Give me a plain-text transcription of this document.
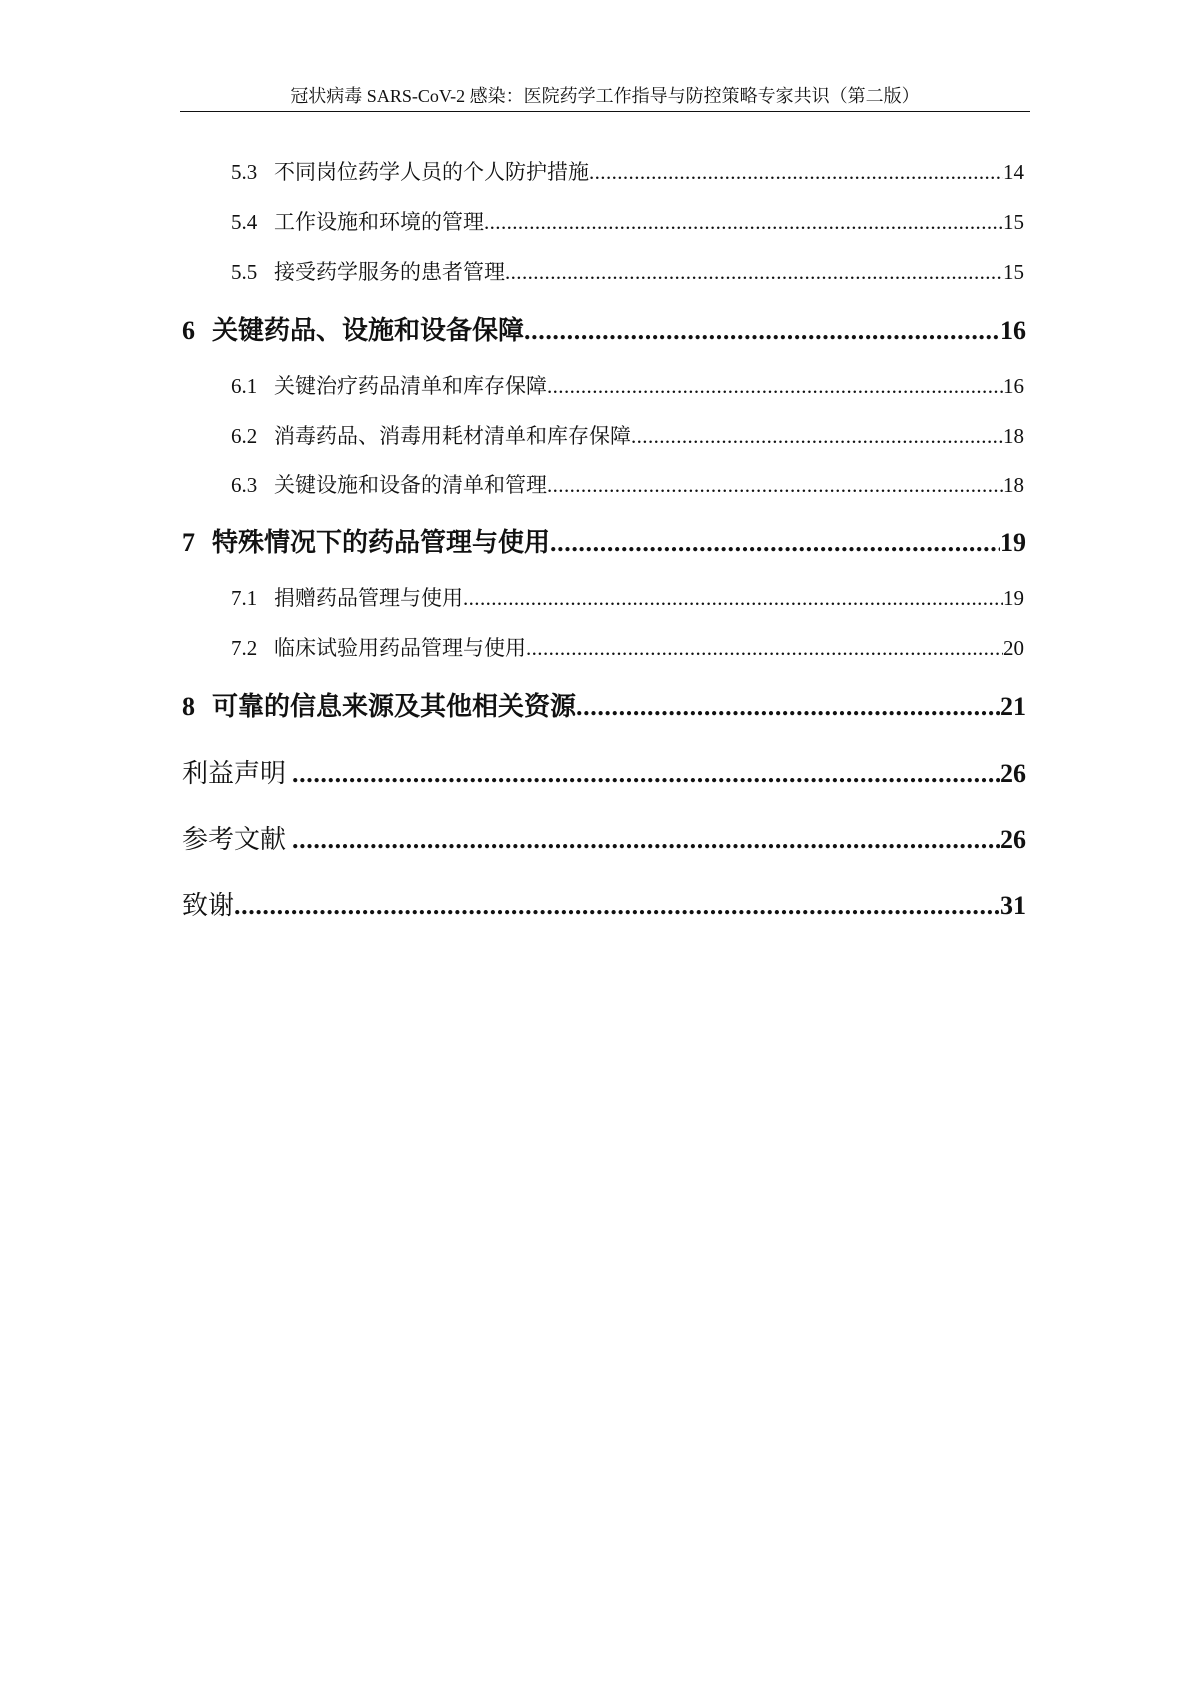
冠状病毒 SARS-CoV-2 感染：医院药学工作指导与防控策略专家共识（第二版）
5.3 不同岗位药学人员的个人防护措施 .....	14
5.4 工作设施和环境的管理 .....	15
5.5 接受药学服务的患者管理 .....	15
6 关键药品、设施和设备保障 .....	16
6.1 关键治疗药品清单和库存保障 .....	16
6.2 消毒药品、消毒用耗材清单和库存保障 .....	18
6.3 关键设施和设备的清单和管理 .....	18
7 特殊情况下的药品管理与使用 .....	19
7.1 捐赠药品管理与使用 .....	19
7.2 临床试验用药品管理与使用 .....	20
8 可靠的信息来源及其他相关资源 .....	21
利益声明 .....	26
参考文献 .....	26
致谢 .....	31
